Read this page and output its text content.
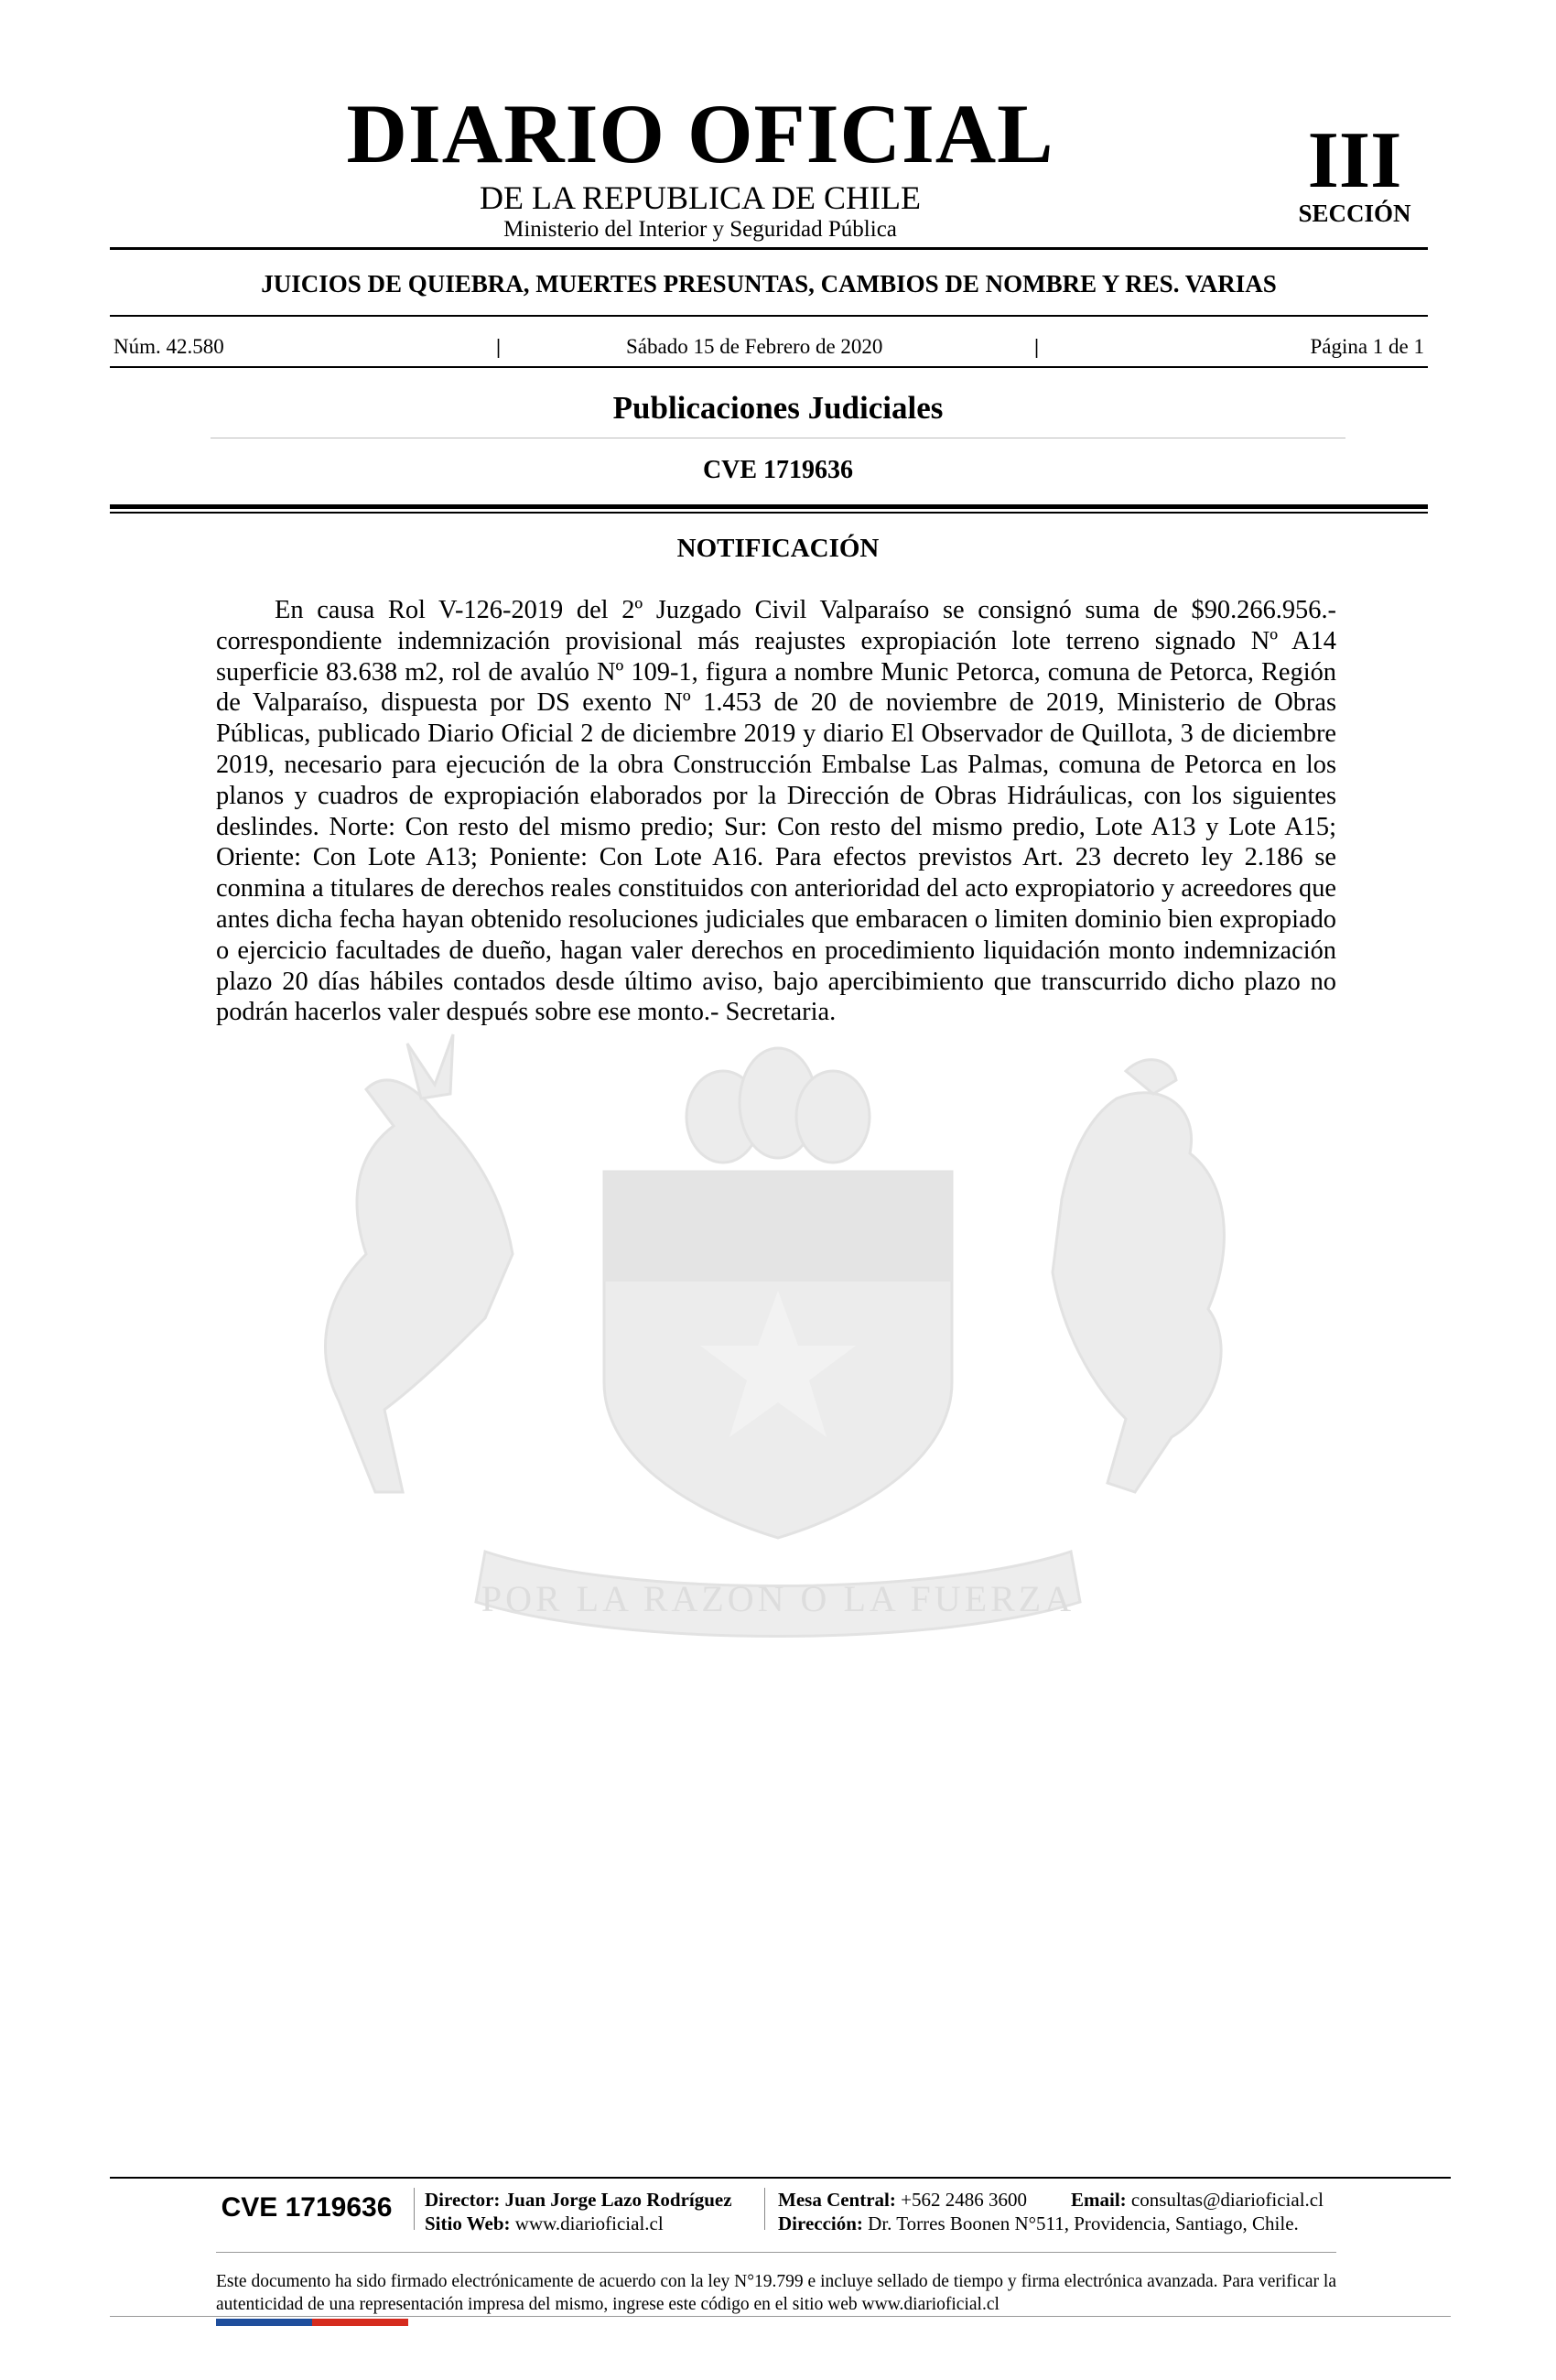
DIARIO OFICIAL
DE LA REPUBLICA DE CHILE
Ministerio del Interior y Seguridad Pública
III
SECCIÓN
JUICIOS DE QUIEBRA, MUERTES PRESUNTAS, CAMBIOS DE NOMBRE Y RES. VARIAS
Núm. 42.580	|	Sábado 15 de Febrero de 2020	|	Página 1 de 1
Publicaciones Judiciales
CVE 1719636
NOTIFICACIÓN
En causa Rol V-126-2019 del 2º Juzgado Civil Valparaíso se consignó suma de $90.266.956.- correspondiente indemnización provisional más reajustes expropiación lote terreno signado Nº A14 superficie 83.638 m2, rol de avalúo Nº 109-1, figura a nombre Munic Petorca, comuna de Petorca, Región de Valparaíso, dispuesta por DS exento Nº 1.453 de 20 de noviembre de 2019, Ministerio de Obras Públicas, publicado Diario Oficial 2 de diciembre 2019 y diario El Observador de Quillota, 3 de diciembre 2019, necesario para ejecución de la obra Construcción Embalse Las Palmas, comuna de Petorca en los planos y cuadros de expropiación elaborados por la Dirección de Obras Hidráulicas, con los siguientes deslindes. Norte: Con resto del mismo predio; Sur: Con resto del mismo predio, Lote A13 y Lote A15; Oriente: Con Lote A13; Poniente: Con Lote A16. Para efectos previstos Art. 23 decreto ley 2.186 se conmina a titulares de derechos reales constituidos con anterioridad del acto expropiatorio y acreedores que antes dicha fecha hayan obtenido resoluciones judiciales que embaracen o limiten dominio bien expropiado o ejercicio facultades de dueño, hagan valer derechos en procedimiento liquidación monto indemnización plazo 20 días hábiles contados desde último aviso, bajo apercibimiento que transcurrido dicho plazo no podrán hacerlos valer después sobre ese monto.- Secretaria.
POR LA RAZON O LA FUERZA
CVE 1719636	Director: Juan Jorge Lazo Rodríguez
Sitio Web: www.diarioficial.cl
Mesa Central: +562 2486 3600 Email: consultas@diarioficial.cl
Dirección: Dr. Torres Boonen N°511, Providencia, Santiago, Chile.
Este documento ha sido firmado electrónicamente de acuerdo con la ley N°19.799 e incluye sellado de tiempo y firma electrónica avanzada. Para verificar la autenticidad de una representación impresa del mismo, ingrese este código en el sitio web www.diarioficial.cl
